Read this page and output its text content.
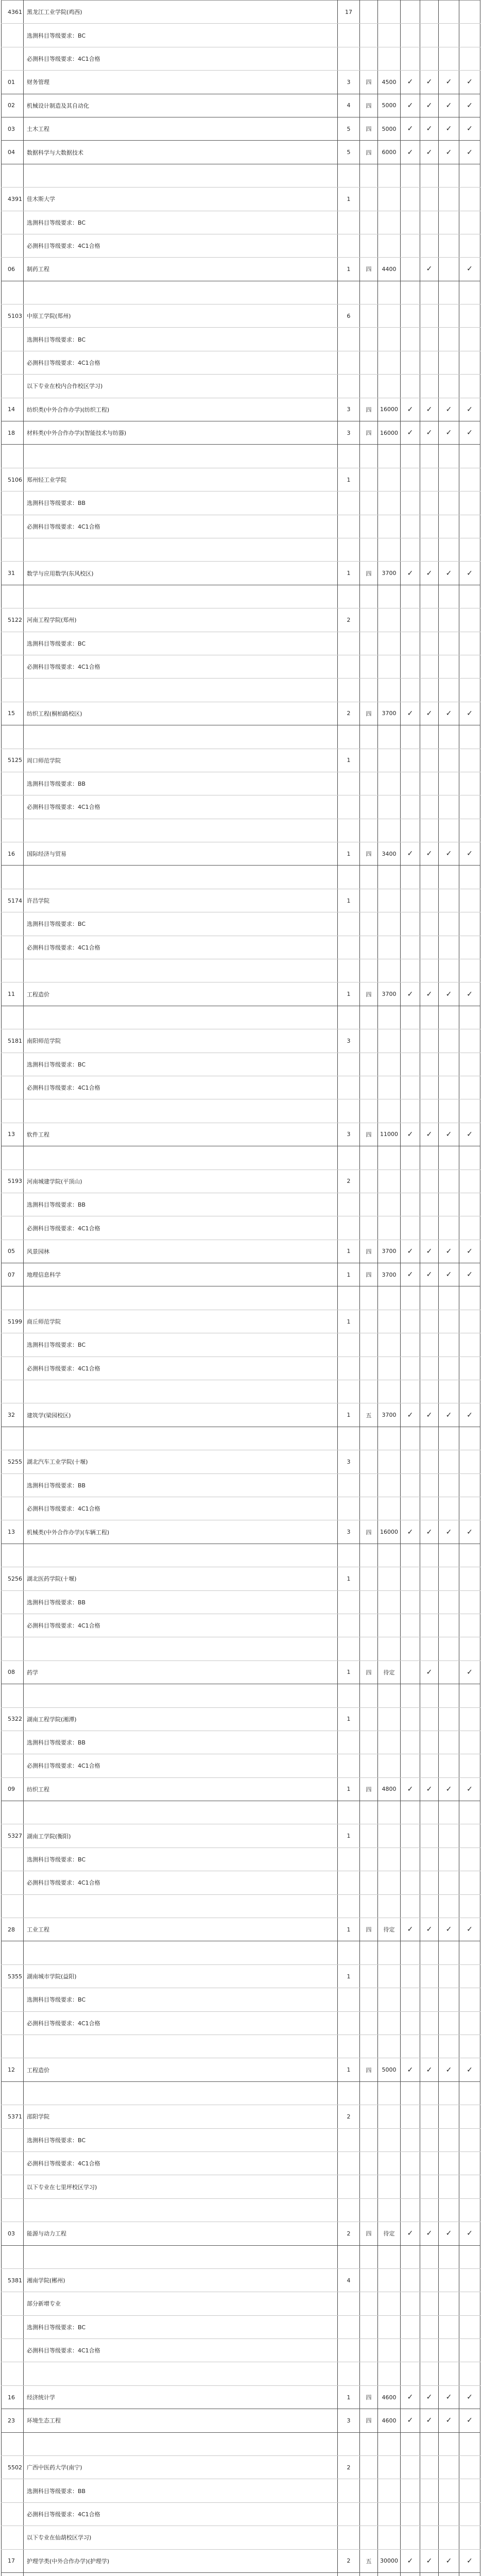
4361	黑龙江工业学院(鸡西)	17						
	选测科目等级要求：BC							
	必测科目等级要求：4C1合格							
01	财务管理	3	四	4500	✓	✓	✓	✓
02	机械设计制造及其自动化	4	四	5000	✓	✓	✓	✓
03	土木工程	5	四	5000	✓	✓	✓	✓
04	数据科学与大数据技术	5	四	6000	✓	✓	✓	✓

4391	佳木斯大学	1						
	选测科目等级要求：BC							
	必测科目等级要求：4C1合格							
06	制药工程	1	四	4400		✓		✓

5103	中原工学院(郑州)	6						
	选测科目等级要求：BC							
	必测科目等级要求：4C1合格							
	以下专业在校内合作校区学习)							
14	纺织类(中外合作办学)(纺织工程)	3	四	16000	✓	✓	✓	✓
18	材料类(中外合作办学)(智能技术与纺器)	3	四	16000	✓	✓	✓	✓

5106	郑州轻工业学院	1						
	选测科目等级要求：BB							
	必测科目等级要求：4C1合格							

31	数学与应用数学(东风校区)	1	四	3700	✓	✓	✓	✓

5122	河南工程学院(郑州)	2						
	选测科目等级要求：BC							
	必测科目等级要求：4C1合格							

15	纺织工程(桐柏路校区)	2	四	3700	✓	✓	✓	✓

5125	周口师范学院	1						
	选测科目等级要求：BB							
	必测科目等级要求：4C1合格							

16	国际经济与贸易	1	四	3400	✓	✓	✓	✓

5174	许昌学院	1						
	选测科目等级要求：BC							
	必测科目等级要求：4C1合格							

11	工程造价	1	四	3700	✓	✓	✓	✓

5181	南阳师范学院	3						
	选测科目等级要求：BC							
	必测科目等级要求：4C1合格							

13	软件工程	3	四	11000	✓	✓	✓	✓

5193	河南城建学院(平顶山)	2						
	选测科目等级要求：BB							
	必测科目等级要求：4C1合格							
05	风景园林	1	四	3700	✓	✓	✓	✓
07	地理信息科学	1	四	3700	✓	✓	✓	✓

5199	商丘师范学院	1						
	选测科目等级要求：BC							
	必测科目等级要求：4C1合格							

32	建筑学(梁园校区)	1	五	3700	✓	✓	✓	✓

5255	湖北汽车工业学院(十堰)	3						
	选测科目等级要求：BB							
	必测科目等级要求：4C1合格							
13	机械类(中外合作办学)(车辆工程)	3	四	16000	✓	✓	✓	✓

5256	湖北医药学院(十堰)	1						
	选测科目等级要求：BB							
	必测科目等级要求：4C1合格							

08	药学	1	四	待定		✓		✓

5322	湖南工程学院(湘潭)	1						
	选测科目等级要求：BB							
	必测科目等级要求：4C1合格							
09	纺织工程	1	四	4800	✓	✓	✓	✓

5327	湖南工学院(衡阳)	1						
	选测科目等级要求：BC							
	必测科目等级要求：4C1合格							

28	工业工程	1	四	待定	✓	✓	✓	✓

5355	湖南城市学院(益阳)	1						
	选测科目等级要求：BC							
	必测科目等级要求：4C1合格							

12	工程造价	1	四	5000	✓	✓	✓	✓

5371	邵阳学院	2						
	选测科目等级要求：BC							
	必测科目等级要求：4C1合格							
	以下专业在七里坪校区学习)							

03	能源与动力工程	2	四	待定	✓	✓	✓	✓

5381	湘南学院(郴州)	4						
	部分新增专业							
	选测科目等级要求：BC							
	必测科目等级要求：4C1合格							

16	经济统计学	1	四	4600	✓	✓	✓	✓
23	环境生态工程	3	四	4600	✓	✓	✓	✓

5502	广西中医药大学(南宁)	2						
	选测科目等级要求：BB							
	必测科目等级要求：4C1合格							
	以下专业在仙葫校区学习)							
17	护理学类(中外合作办学)(护理学)	2	五	30000	✓	✓	✓	✓
